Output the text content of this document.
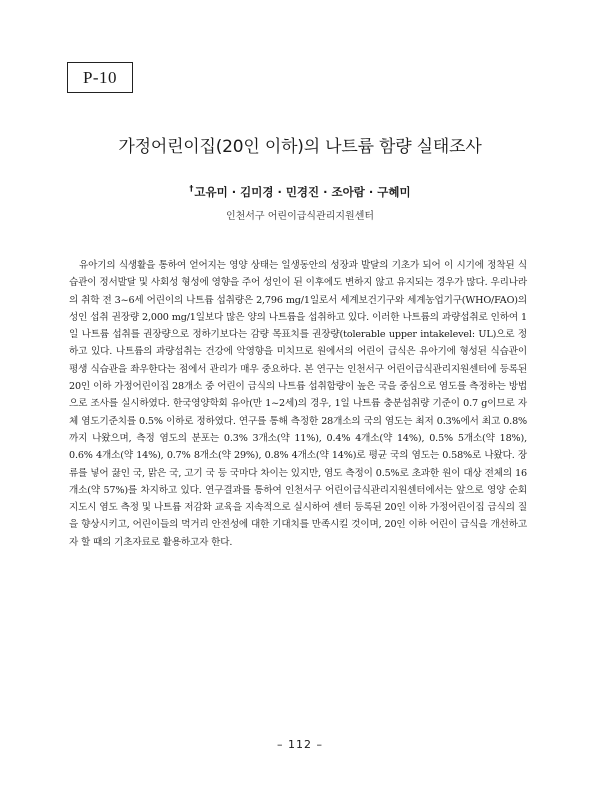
P-10
가정어린이집(20인 이하)의 나트륨 함량 실태조사
†고유미 · 김미경 · 민경진 · 조아람 · 구혜미
인천서구 어린이급식관리지원센터

유아기의 식생활을 통하여 얻어지는 영양 상태는 일생동안의 성장과 발달의 기초가 되어 이 시기에 정착된 식습관이 정서발달 및 사회성 형성에 영향을 주어 성인이 된 이후에도 변하지 않고 유지되는 경우가 많다. 우리나라의 취학 전 3~6세 어린이의 나트륨 섭취량은 2,796 mg/1일로서 세계보건기구와 세계농업기구(WHO/FAO)의 성인 섭취 권장량 2,000 mg/1일보다 많은 양의 나트륨을 섭취하고 있다. 이러한 나트륨의 과량섭취로 인하여 1일 나트륨 섭취를 권장량으로 정하기보다는 감량 목표치를 권장량(tolerable upper intakelevel: UL)으로 정하고 있다. 나트륨의 과량섭취는 건강에 악영향을 미치므로 원에서의 어린이 급식은 유아기에 형성된 식습관이 평생 식습관을 좌우한다는 점에서 관리가 매우 중요하다. 본 연구는 인천서구 어린이급식관리지원센터에 등록된 20인 이하 가정어린이집 28개소 중 어린이 급식의 나트륨 섭취함량이 높은 국을 중심으로 염도를 측정하는 방법으로 조사를 실시하였다. 한국영양학회 유아(만 1~2세)의 경우, 1일 나트륨 충분섭취량 기준이 0.7 g이므로 자체 염도기준치를 0.5% 이하로 정하였다. 연구를 통해 측정한 28개소의 국의 염도는 최저 0.3%에서 최고 0.8%까지 나왔으며, 측정 염도의 분포는 0.3% 3개소(약 11%), 0.4% 4개소(약 14%), 0.5% 5개소(약 18%), 0.6% 4개소(약 14%), 0.7% 8개소(약 29%), 0.8% 4개소(약 14%)로 평균 국의 염도는 0.58%로 나왔다. 장류를 넣어 끓인 국, 맑은 국, 고기 국 등 국마다 차이는 있지만, 염도 측정이 0.5%로 초과한 원이 대상 전체의 16개소(약 57%)를 차지하고 있다. 연구결과를 통하여 인천서구 어린이급식관리지원센터에서는 앞으로 영양 순회지도시 염도 측정 및 나트륨 저감화 교육을 지속적으로 실시하여 센터 등록된 20인 이하 가정어린이집 급식의 질을 향상시키고, 어린이들의 먹거리 안전성에 대한 기대치를 만족시킬 것이며, 20인 이하 어린이 급식을 개선하고자 할 때의 기초자료로 활용하고자 한다.

– 112 –
